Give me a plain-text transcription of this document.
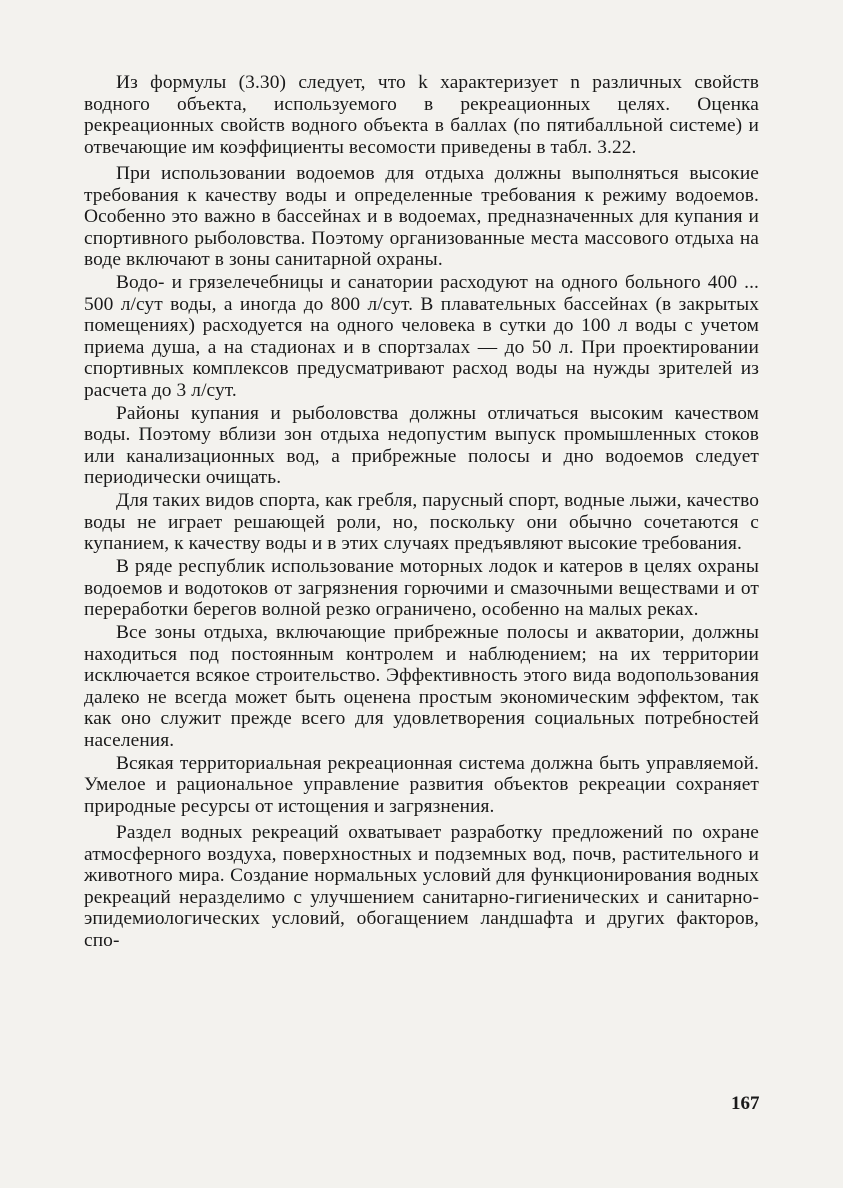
Из формулы (3.30) следует, что k характеризует n различных свойств водного объекта, используемого в рекреационных целях. Оценка рекреационных свойств водного объекта в баллах (по пятибалльной системе) и отвечающие им коэффициенты весомости приведены в табл. 3.22.

При использовании водоемов для отдыха должны выполняться высокие требования к качеству воды и определенные требования к режиму водоемов. Особенно это важно в бассейнах и в водоемах, предназначенных для купания и спортивного рыболовства. Поэтому организованные места массового отдыха на воде включают в зоны санитарной охраны.

Водо- и грязелечебницы и санатории расходуют на одного больного 400 ... 500 л/сут воды, а иногда до 800 л/сут. В плавательных бассейнах (в закрытых помещениях) расходуется на одного человека в сутки до 100 л воды с учетом приема душа, а на стадионах и в спортзалах — до 50 л. При проектировании спортивных комплексов предусматривают расход воды на нужды зрителей из расчета до 3 л/сут.

Районы купания и рыболовства должны отличаться высоким качеством воды. Поэтому вблизи зон отдыха недопустим выпуск промышленных стоков или канализационных вод, а прибрежные полосы и дно водоемов следует периодически очищать.

Для таких видов спорта, как гребля, парусный спорт, водные лыжи, качество воды не играет решающей роли, но, поскольку они обычно сочетаются с купанием, к качеству воды и в этих случаях предъявляют высокие требования.

В ряде республик использование моторных лодок и катеров в целях охраны водоемов и водотоков от загрязнения горючими и смазочными веществами и от переработки берегов волной резко ограничено, особенно на малых реках.

Все зоны отдыха, включающие прибрежные полосы и акватории, должны находиться под постоянным контролем и наблюдением; на их территории исключается всякое строительство. Эффективность этого вида водопользования далеко не всегда может быть оценена простым экономическим эффектом, так как оно служит прежде всего для удовлетворения социальных потребностей населения.

Всякая территориальная рекреационная система должна быть управляемой. Умелое и рациональное управление развития объектов рекреации сохраняет природные ресурсы от истощения и загрязнения.

Раздел водных рекреаций охватывает разработку предложений по охране атмосферного воздуха, поверхностных и подземных вод, почв, растительного и животного мира. Создание нормальных условий для функционирования водных рекреаций неразделимо с улучшением санитарно-гигиенических и санитарно-эпидемиологических условий, обогащением ландшафта и других факторов, спо-

167
